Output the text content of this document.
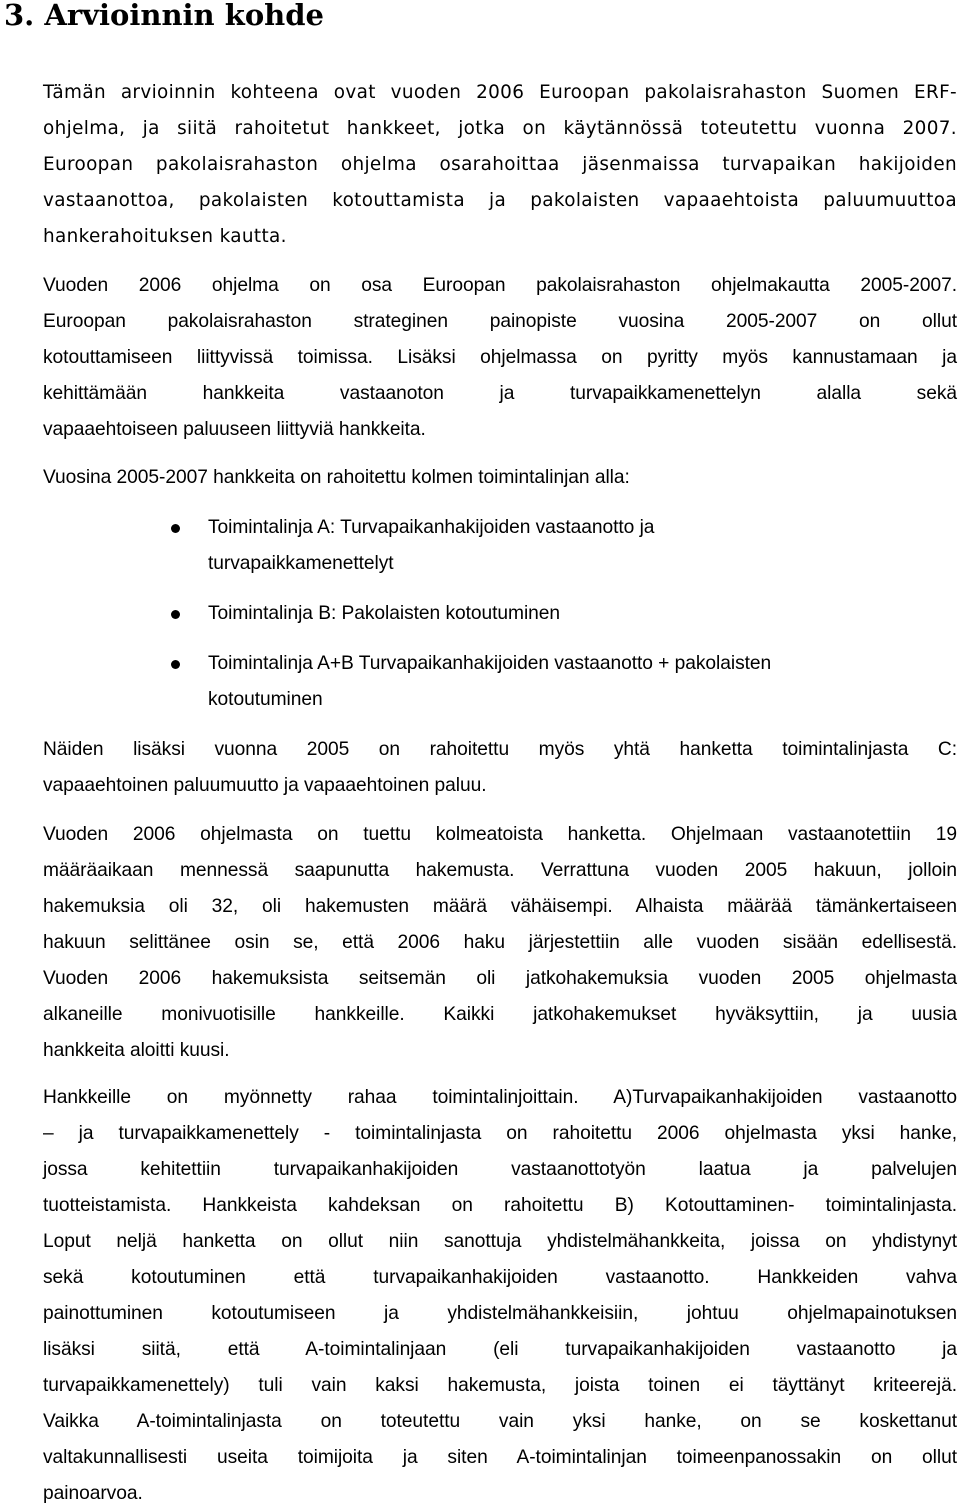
3. Arvioinnin kohde
Tämän arvioinnin kohteena ovat vuoden 2006 Euroopan pakolaisrahaston Suomen ERF-
ohjelma, ja siitä rahoitetut hankkeet, jotka on käytännössä toteutettu vuonna 2007.
Euroopan pakolaisrahaston ohjelma osarahoittaa jäsenmaissa turvapaikan hakijoiden
vastaanottoa, pakolaisten kotouttamista ja pakolaisten vapaaehtoista paluumuuttoa
hankerahoituksen kautta.
Vuoden 2006 ohjelma on osa Euroopan pakolaisrahaston ohjelmakautta 2005-2007.
Euroopan pakolaisrahaston strateginen painopiste vuosina 2005-2007 on ollut
kotouttamiseen liittyvissä toimissa. Lisäksi ohjelmassa on pyritty myös kannustamaan ja
kehittämään hankkeita vastaanoton ja turvapaikkamenettelyn alalla sekä
vapaaehtoiseen paluuseen liittyviä hankkeita.
Vuosina 2005-2007 hankkeita on rahoitettu kolmen toimintalinjan alla:
Toimintalinja A: Turvapaikanhakijoiden vastaanotto ja
turvapaikkamenettelyt
Toimintalinja B: Pakolaisten kotoutuminen
Toimintalinja A+B Turvapaikanhakijoiden vastaanotto + pakolaisten
kotoutuminen
Näiden lisäksi vuonna 2005 on rahoitettu myös yhtä hanketta toimintalinjasta C:
vapaaehtoinen paluumuutto ja vapaaehtoinen paluu.
Vuoden 2006 ohjelmasta on tuettu kolmeatoista hanketta. Ohjelmaan vastaanotettiin 19
määräaikaan mennessä saapunutta hakemusta. Verrattuna vuoden 2005 hakuun, jolloin
hakemuksia oli 32, oli hakemusten määrä vähäisempi. Alhaista määrää tämänkertaiseen
hakuun selittänee osin se, että 2006 haku järjestettiin alle vuoden sisään edellisestä.
Vuoden 2006 hakemuksista seitsemän oli jatkohakemuksia vuoden 2005 ohjelmasta
alkaneille monivuotisille hankkeille. Kaikki jatkohakemukset hyväksyttiin, ja uusia
hankkeita aloitti kuusi.
Hankkeille on myönnetty rahaa toimintalinjoittain. A)Turvapaikanhakijoiden vastaanotto
– ja turvapaikkamenettely - toimintalinjasta on rahoitettu 2006 ohjelmasta yksi hanke,
jossa kehitettiin turvapaikanhakijoiden vastaanottotyön laatua ja palvelujen
tuotteistamista. Hankkeista kahdeksan on rahoitettu B) Kotouttaminen- toimintalinjasta.
Loput neljä hanketta on ollut niin sanottuja yhdistelmähankkeita, joissa on yhdistynyt
sekä kotoutuminen että turvapaikanhakijoiden vastaanotto. Hankkeiden vahva
painottuminen kotoutumiseen ja yhdistelmähankkeisiin, johtuu ohjelmapainotuksen
lisäksi siitä, että A-toimintalinjaan (eli turvapaikanhakijoiden vastaanotto ja
turvapaikkamenettely) tuli vain kaksi hakemusta, joista toinen ei täyttänyt kriteerejä.
Vaikka A-toimintalinjasta on toteutettu vain yksi hanke, on se koskettanut
valtakunnallisesti useita toimijoita ja siten A-toimintalinjan toimeenpanossakin on ollut
painoarvoa.
